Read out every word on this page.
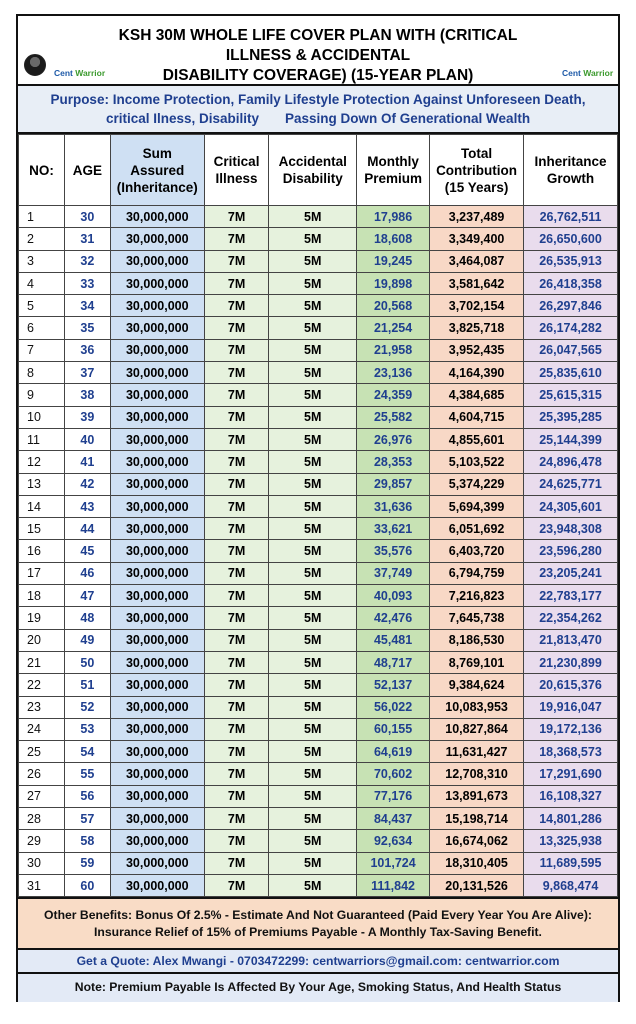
Cent Warrior
KSH 30M WHOLE LIFE COVER PLAN WITH (CRITICAL ILLNESS & ACCIDENTAL
DISABILITY COVERAGE) (15-YEAR PLAN)	Cent Warrior
Purpose: Income Protection, Family Lifestyle Protection Against Unforeseen Death,
critical Ilness, Disability Passing Down Of Generational Wealth
NO:	AGE	Sum
Assured
(Inheritance)	Critical
Illness	Accidental
Disability	Monthly
Premium	Total
Contribution
(15 Years)	Inheritance
Growth
1	30	30,000,000	7M	5M	17,986	3,237,489	26,762,511
2	31	30,000,000	7M	5M	18,608	3,349,400	26,650,600
3	32	30,000,000	7M	5M	19,245	3,464,087	26,535,913
4	33	30,000,000	7M	5M	19,898	3,581,642	26,418,358
5	34	30,000,000	7M	5M	20,568	3,702,154	26,297,846
6	35	30,000,000	7M	5M	21,254	3,825,718	26,174,282
7	36	30,000,000	7M	5M	21,958	3,952,435	26,047,565
8	37	30,000,000	7M	5M	23,136	4,164,390	25,835,610
9	38	30,000,000	7M	5M	24,359	4,384,685	25,615,315
10	39	30,000,000	7M	5M	25,582	4,604,715	25,395,285
11	40	30,000,000	7M	5M	26,976	4,855,601	25,144,399
12	41	30,000,000	7M	5M	28,353	5,103,522	24,896,478
13	42	30,000,000	7M	5M	29,857	5,374,229	24,625,771
14	43	30,000,000	7M	5M	31,636	5,694,399	24,305,601
15	44	30,000,000	7M	5M	33,621	6,051,692	23,948,308
16	45	30,000,000	7M	5M	35,576	6,403,720	23,596,280
17	46	30,000,000	7M	5M	37,749	6,794,759	23,205,241
18	47	30,000,000	7M	5M	40,093	7,216,823	22,783,177
19	48	30,000,000	7M	5M	42,476	7,645,738	22,354,262
20	49	30,000,000	7M	5M	45,481	8,186,530	21,813,470
21	50	30,000,000	7M	5M	48,717	8,769,101	21,230,899
22	51	30,000,000	7M	5M	52,137	9,384,624	20,615,376
23	52	30,000,000	7M	5M	56,022	10,083,953	19,916,047
24	53	30,000,000	7M	5M	60,155	10,827,864	19,172,136
25	54	30,000,000	7M	5M	64,619	11,631,427	18,368,573
26	55	30,000,000	7M	5M	70,602	12,708,310	17,291,690
27	56	30,000,000	7M	5M	77,176	13,891,673	16,108,327
28	57	30,000,000	7M	5M	84,437	15,198,714	14,801,286
29	58	30,000,000	7M	5M	92,634	16,674,062	13,325,938
30	59	30,000,000	7M	5M	101,724	18,310,405	11,689,595
31	60	30,000,000	7M	5M	111,842	20,131,526	9,868,474
Other Benefits: Bonus Of 2.5% - Estimate And Not Guaranteed (Paid Every Year You Are Alive):
Insurance Relief of 15% of Premiums Payable - A Monthly Tax-Saving Benefit.
Get a Quote: Alex Mwangi - 0703472299: centwarriors@gmail.com: centwarrior.com
Note: Premium Payable Is Affected By Your Age, Smoking Status, And Health Status
